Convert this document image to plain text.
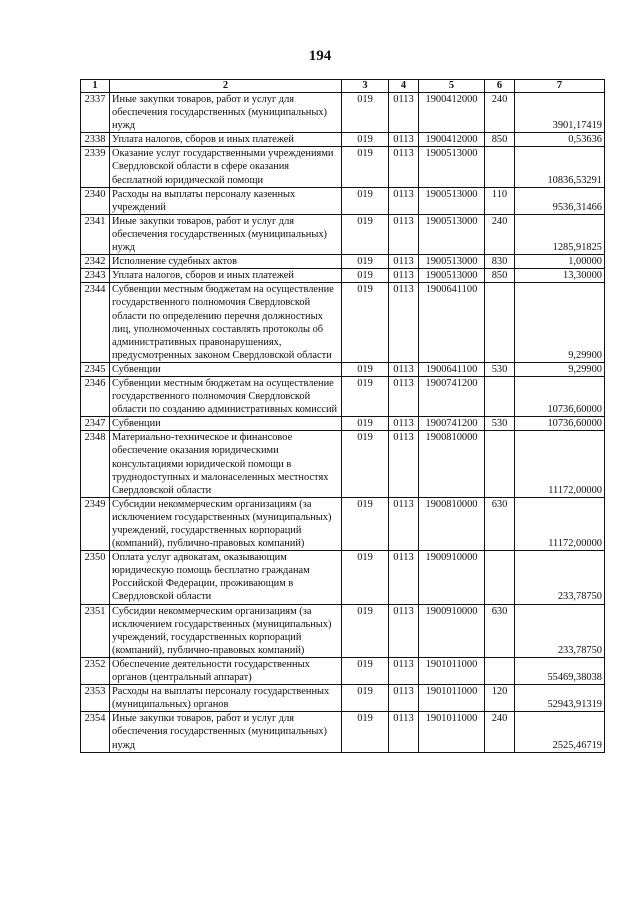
194
1	2	3	4	5	6	7
2337	Иные закупки товаров, работ и услуг для обеспечения государственных (муниципальных) нужд	019	0113	1900412000	240	3901,17419
2338	Уплата налогов, сборов и иных платежей	019	0113	1900412000	850	0,53636
2339	Оказание услуг государственными учреждениями Свердловской области в сфере оказания бесплатной юридической помощи	019	0113	1900513000		10836,53291
2340	Расходы на выплаты персоналу казенных учреждений	019	0113	1900513000	110	9536,31466
2341	Иные закупки товаров, работ и услуг для обеспечения государственных (муниципальных) нужд	019	0113	1900513000	240	1285,91825
2342	Исполнение судебных актов	019	0113	1900513000	830	1,00000
2343	Уплата налогов, сборов и иных платежей	019	0113	1900513000	850	13,30000
2344	Субвенции местным бюджетам на осуществление государственного полномочия Свердловской области по определению перечня должностных лиц, уполномоченных составлять протоколы об административных правонарушениях, предусмотренных законом Свердловской области	019	0113	1900641100		9,29900
2345	Субвенции	019	0113	1900641100	530	9,29900
2346	Субвенции местным бюджетам на осуществление государственного полномочия Свердловской области по созданию административных комиссий	019	0113	1900741200		10736,60000
2347	Субвенции	019	0113	1900741200	530	10736,60000
2348	Материально-техническое и финансовое обеспечение оказания юридическими консультациями юридической помощи в труднодоступных и малонаселенных местностях Свердловской области	019	0113	1900810000		11172,00000
2349	Субсидии некоммерческим организациям (за исключением государственных (муниципальных) учреждений, государственных корпораций (компаний), публично-правовых компаний)	019	0113	1900810000	630	11172,00000
2350	Оплата услуг адвокатам, оказывающим юридическую помощь бесплатно гражданам Российской Федерации, проживающим в Свердловской области	019	0113	1900910000		233,78750
2351	Субсидии некоммерческим организациям (за исключением государственных (муниципальных) учреждений, государственных корпораций (компаний), публично-правовых компаний)	019	0113	1900910000	630	233,78750
2352	Обеспечение деятельности государственных органов (центральный аппарат)	019	0113	1901011000		55469,38038
2353	Расходы на выплаты персоналу государственных (муниципальных) органов	019	0113	1901011000	120	52943,91319
2354	Иные закупки товаров, работ и услуг для обеспечения государственных (муниципальных) нужд	019	0113	1901011000	240	2525,46719
